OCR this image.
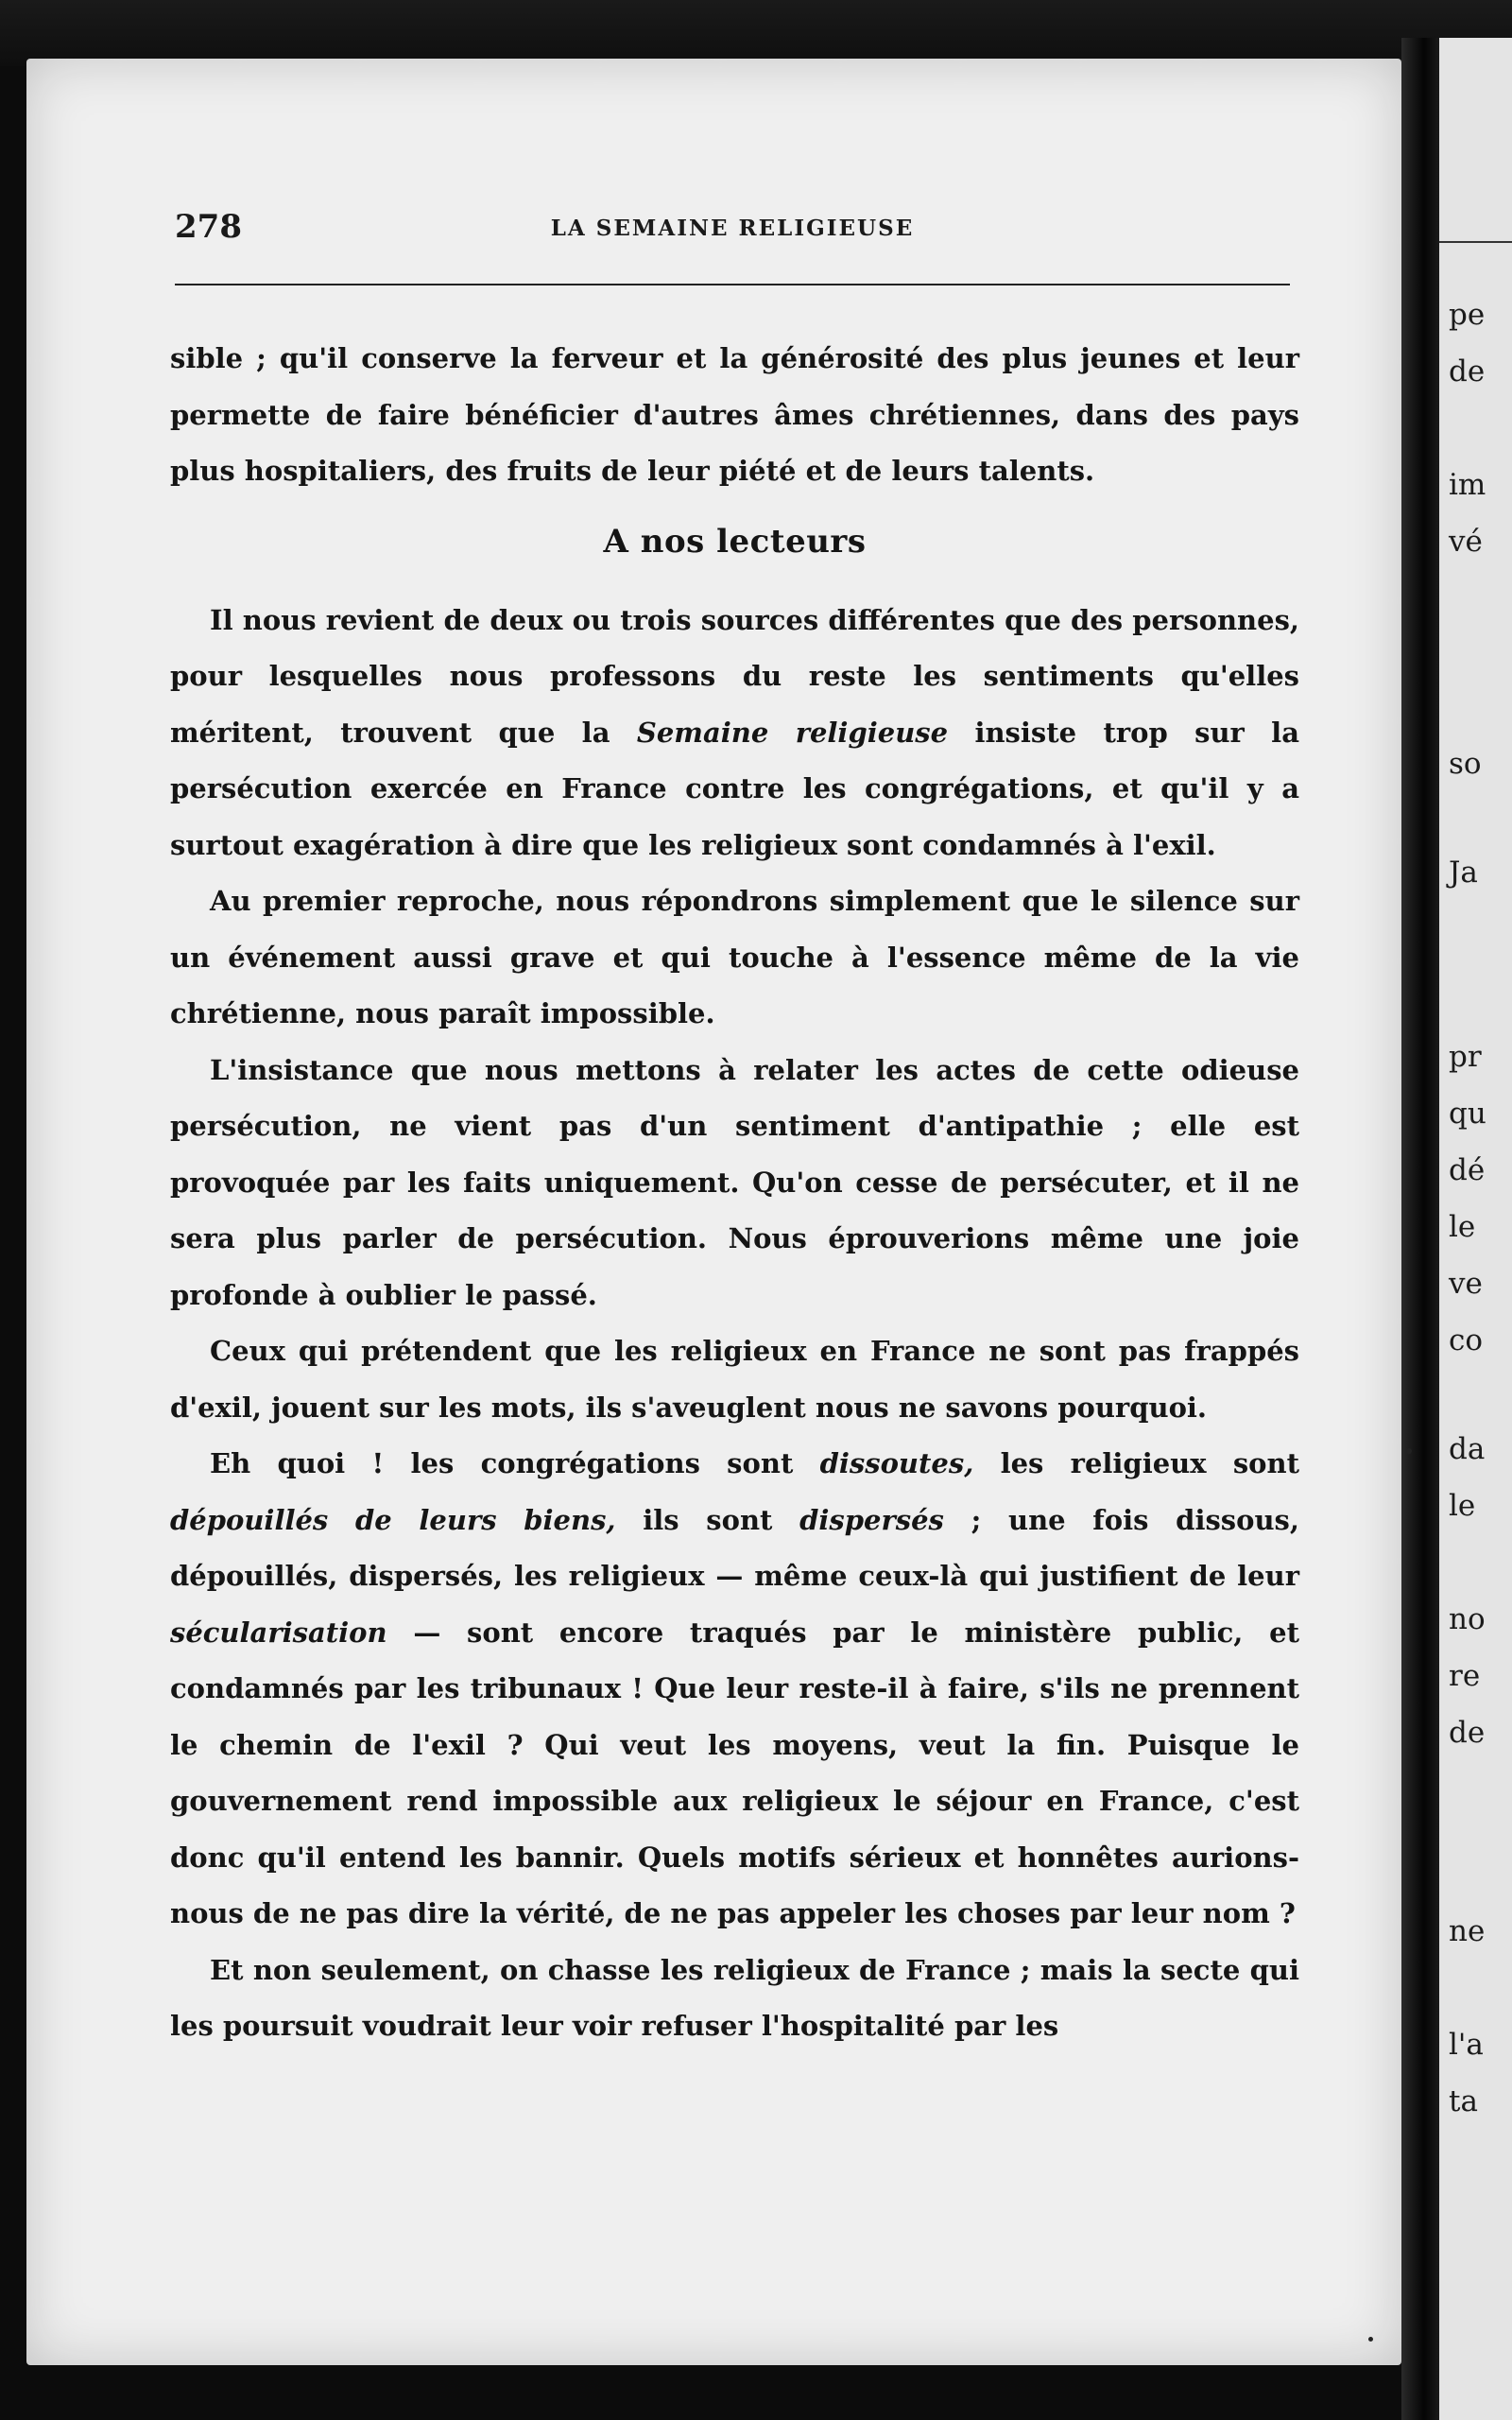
pe
de
im
vé
so
Ja
pr
qu
dé
le
ve
co
da
le
no
re
de
ne
l'a
ta
278	LA SEMAINE RELIGIEUSE

sible ; qu'il conserve la ferveur et la générosité des plus jeunes et leur permette de faire bénéficier d'autres âmes chrétiennes, dans des pays plus hospitaliers, des fruits de leur piété et de leurs talents.

A nos lecteurs

Il nous revient de deux ou trois sources différentes que des personnes, pour lesquelles nous professons du reste les sentiments qu'elles méritent, trouvent que la Semaine religieuse insiste trop sur la persécution exercée en France contre les congrégations, et qu'il y a surtout exagération à dire que les religieux sont condamnés à l'exil.

Au premier reproche, nous répondrons simplement que le silence sur un événement aussi grave et qui touche à l'essence même de la vie chrétienne, nous paraît impossible.

L'insistance que nous mettons à relater les actes de cette odieuse persécution, ne vient pas d'un sentiment d'antipathie ; elle est provoquée par les faits uniquement. Qu'on cesse de persécuter, et il ne sera plus parler de persécution. Nous éprouverions même une joie profonde à oublier le passé.

Ceux qui prétendent que les religieux en France ne sont pas frappés d'exil, jouent sur les mots, ils s'aveuglent nous ne savons pourquoi.

Eh quoi ! les congrégations sont dissoutes, les religieux sont dépouillés de leurs biens, ils sont dispersés ; une fois dissous, dépouillés, dispersés, les religieux — même ceux-là qui justifient de leur sécularisation — sont encore traqués par le ministère public, et condamnés par les tribunaux ! Que leur reste-il à faire, s'ils ne prennent le chemin de l'exil ? Qui veut les moyens, veut la fin. Puisque le gouvernement rend impossible aux religieux le séjour en France, c'est donc qu'il entend les bannir. Quels motifs sérieux et honnêtes aurions-nous de ne pas dire la vérité, de ne pas appeler les choses par leur nom ?

Et non seulement, on chasse les religieux de France ; mais la secte qui les poursuit voudrait leur voir refuser l'hospitalité par les
